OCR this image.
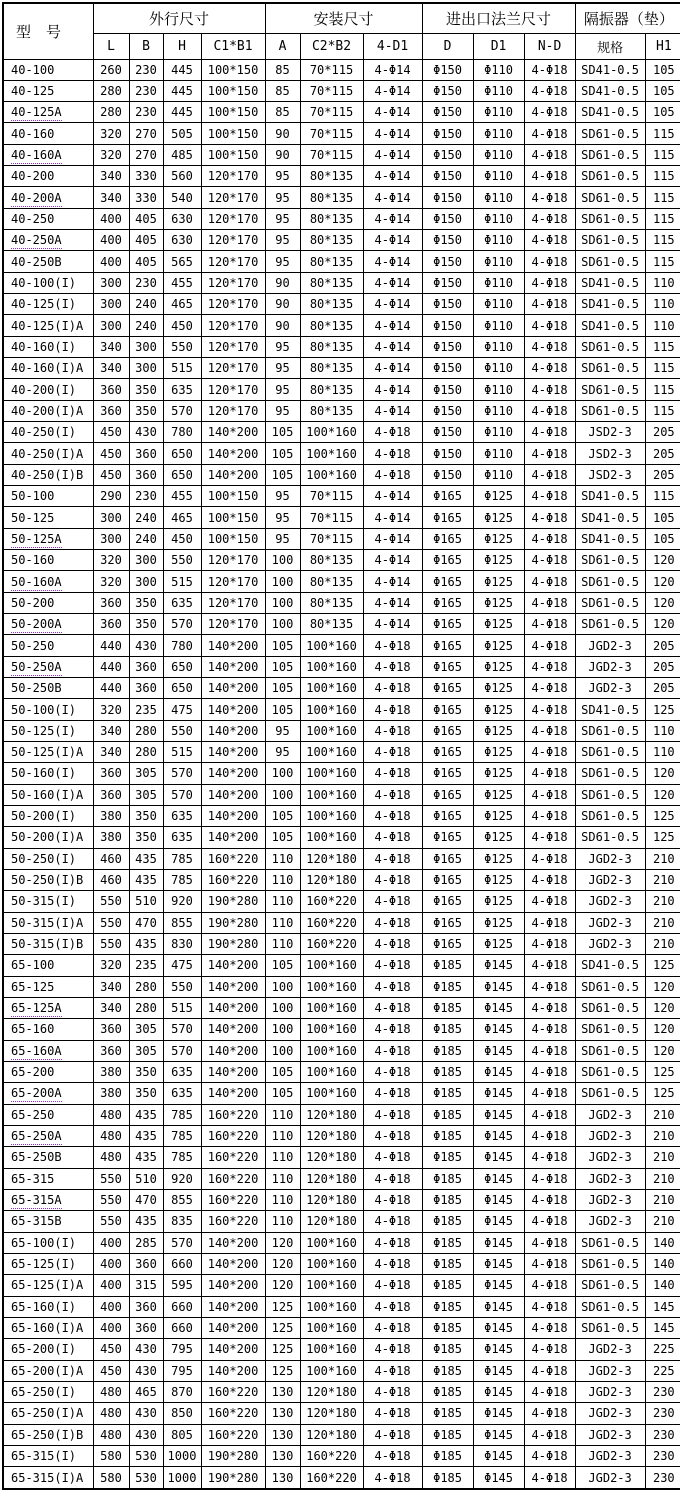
型　号	外行尺寸				安装尺寸			进出口法兰尺寸			隔振器（垫）	
	L	B	H	C1*B1	A	C2*B2	4-D1	D	D1	N-D	规格	H1
40-100	260	230	445	100*150	85	70*115	4-Φ14	Φ150	Φ110	4-Φ18	SD41-0.5	105
40-125	280	230	445	100*150	85	70*115	4-Φ14	Φ150	Φ110	4-Φ18	SD41-0.5	105
40-125A	280	230	445	100*150	85	70*115	4-Φ14	Φ150	Φ110	4-Φ18	SD41-0.5	105
40-160	320	270	505	100*150	90	70*115	4-Φ14	Φ150	Φ110	4-Φ18	SD61-0.5	115
40-160A	320	270	485	100*150	90	70*115	4-Φ14	Φ150	Φ110	4-Φ18	SD61-0.5	115
40-200	340	330	560	120*170	95	80*135	4-Φ14	Φ150	Φ110	4-Φ18	SD61-0.5	115
40-200A	340	330	540	120*170	95	80*135	4-Φ14	Φ150	Φ110	4-Φ18	SD61-0.5	115
40-250	400	405	630	120*170	95	80*135	4-Φ14	Φ150	Φ110	4-Φ18	SD61-0.5	115
40-250A	400	405	630	120*170	95	80*135	4-Φ14	Φ150	Φ110	4-Φ18	SD61-0.5	115
40-250B	400	405	565	120*170	95	80*135	4-Φ14	Φ150	Φ110	4-Φ18	SD61-0.5	115
40-100(I)	300	230	455	120*170	90	80*135	4-Φ14	Φ150	Φ110	4-Φ18	SD41-0.5	110
40-125(I)	300	240	465	120*170	90	80*135	4-Φ14	Φ150	Φ110	4-Φ18	SD41-0.5	110
40-125(I)A	300	240	450	120*170	90	80*135	4-Φ14	Φ150	Φ110	4-Φ18	SD41-0.5	110
40-160(I)	340	300	550	120*170	95	80*135	4-Φ14	Φ150	Φ110	4-Φ18	SD61-0.5	115
40-160(I)A	340	300	515	120*170	95	80*135	4-Φ14	Φ150	Φ110	4-Φ18	SD61-0.5	115
40-200(I)	360	350	635	120*170	95	80*135	4-Φ14	Φ150	Φ110	4-Φ18	SD61-0.5	115
40-200(I)A	360	350	570	120*170	95	80*135	4-Φ14	Φ150	Φ110	4-Φ18	SD61-0.5	115
40-250(I)	450	430	780	140*200	105	100*160	4-Φ18	Φ150	Φ110	4-Φ18	JSD2-3	205
40-250(I)A	450	360	650	140*200	105	100*160	4-Φ18	Φ150	Φ110	4-Φ18	JSD2-3	205
40-250(I)B	450	360	650	140*200	105	100*160	4-Φ18	Φ150	Φ110	4-Φ18	JSD2-3	205
50-100	290	230	455	100*150	95	70*115	4-Φ14	Φ165	Φ125	4-Φ18	SD41-0.5	115
50-125	300	240	465	100*150	95	70*115	4-Φ14	Φ165	Φ125	4-Φ18	SD41-0.5	105
50-125A	300	240	450	100*150	95	70*115	4-Φ14	Φ165	Φ125	4-Φ18	SD41-0.5	105
50-160	320	300	550	120*170	100	80*135	4-Φ14	Φ165	Φ125	4-Φ18	SD61-0.5	120
50-160A	320	300	515	120*170	100	80*135	4-Φ14	Φ165	Φ125	4-Φ18	SD61-0.5	120
50-200	360	350	635	120*170	100	80*135	4-Φ14	Φ165	Φ125	4-Φ18	SD61-0.5	120
50-200A	360	350	570	120*170	100	80*135	4-Φ14	Φ165	Φ125	4-Φ18	SD61-0.5	120
50-250	440	430	780	140*200	105	100*160	4-Φ18	Φ165	Φ125	4-Φ18	JGD2-3	205
50-250A	440	360	650	140*200	105	100*160	4-Φ18	Φ165	Φ125	4-Φ18	JGD2-3	205
50-250B	440	360	650	140*200	105	100*160	4-Φ18	Φ165	Φ125	4-Φ18	JGD2-3	205
50-100(I)	320	235	475	140*200	105	100*160	4-Φ18	Φ165	Φ125	4-Φ18	SD41-0.5	125
50-125(I)	340	280	550	140*200	95	100*160	4-Φ18	Φ165	Φ125	4-Φ18	SD61-0.5	110
50-125(I)A	340	280	515	140*200	95	100*160	4-Φ18	Φ165	Φ125	4-Φ18	SD61-0.5	110
50-160(I)	360	305	570	140*200	100	100*160	4-Φ18	Φ165	Φ125	4-Φ18	SD61-0.5	120
50-160(I)A	360	305	570	140*200	100	100*160	4-Φ18	Φ165	Φ125	4-Φ18	SD61-0.5	120
50-200(I)	380	350	635	140*200	105	100*160	4-Φ18	Φ165	Φ125	4-Φ18	SD61-0.5	125
50-200(I)A	380	350	635	140*200	105	100*160	4-Φ18	Φ165	Φ125	4-Φ18	SD61-0.5	125
50-250(I)	460	435	785	160*220	110	120*180	4-Φ18	Φ165	Φ125	4-Φ18	JGD2-3	210
50-250(I)B	460	435	785	160*220	110	120*180	4-Φ18	Φ165	Φ125	4-Φ18	JGD2-3	210
50-315(I)	550	510	920	190*280	110	160*220	4-Φ18	Φ165	Φ125	4-Φ18	JGD2-3	210
50-315(I)A	550	470	855	190*280	110	160*220	4-Φ18	Φ165	Φ125	4-Φ18	JGD2-3	210
50-315(I)B	550	435	830	190*280	110	160*220	4-Φ18	Φ165	Φ125	4-Φ18	JGD2-3	210
65-100	320	235	475	140*200	105	100*160	4-Φ18	Φ185	Φ145	4-Φ18	SD41-0.5	125
65-125	340	280	550	140*200	100	100*160	4-Φ18	Φ185	Φ145	4-Φ18	SD61-0.5	120
65-125A	340	280	515	140*200	100	100*160	4-Φ18	Φ185	Φ145	4-Φ18	SD61-0.5	120
65-160	360	305	570	140*200	100	100*160	4-Φ18	Φ185	Φ145	4-Φ18	SD61-0.5	120
65-160A	360	305	570	140*200	100	100*160	4-Φ18	Φ185	Φ145	4-Φ18	SD61-0.5	120
65-200	380	350	635	140*200	105	100*160	4-Φ18	Φ185	Φ145	4-Φ18	SD61-0.5	125
65-200A	380	350	635	140*200	105	100*160	4-Φ18	Φ185	Φ145	4-Φ18	SD61-0.5	125
65-250	480	435	785	160*220	110	120*180	4-Φ18	Φ185	Φ145	4-Φ18	JGD2-3	210
65-250A	480	435	785	160*220	110	120*180	4-Φ18	Φ185	Φ145	4-Φ18	JGD2-3	210
65-250B	480	435	785	160*220	110	120*180	4-Φ18	Φ185	Φ145	4-Φ18	JGD2-3	210
65-315	550	510	920	160*220	110	120*180	4-Φ18	Φ185	Φ145	4-Φ18	JGD2-3	210
65-315A	550	470	855	160*220	110	120*180	4-Φ18	Φ185	Φ145	4-Φ18	JGD2-3	210
65-315B	550	435	835	160*220	110	120*180	4-Φ18	Φ185	Φ145	4-Φ18	JGD2-3	210
65-100(I)	400	285	570	140*200	120	100*160	4-Φ18	Φ185	Φ145	4-Φ18	SD61-0.5	140
65-125(I)	400	360	660	140*200	120	100*160	4-Φ18	Φ185	Φ145	4-Φ18	SD61-0.5	140
65-125(I)A	400	315	595	140*200	120	100*160	4-Φ18	Φ185	Φ145	4-Φ18	SD61-0.5	140
65-160(I)	400	360	660	140*200	125	100*160	4-Φ18	Φ185	Φ145	4-Φ18	SD61-0.5	145
65-160(I)A	400	360	660	140*200	125	100*160	4-Φ18	Φ185	Φ145	4-Φ18	SD61-0.5	145
65-200(I)	450	430	795	140*200	125	100*160	4-Φ18	Φ185	Φ145	4-Φ18	JGD2-3	225
65-200(I)A	450	430	795	140*200	125	100*160	4-Φ18	Φ185	Φ145	4-Φ18	JGD2-3	225
65-250(I)	480	465	870	160*220	130	120*180	4-Φ18	Φ185	Φ145	4-Φ18	JGD2-3	230
65-250(I)A	480	430	850	160*220	130	120*180	4-Φ18	Φ185	Φ145	4-Φ18	JGD2-3	230
65-250(I)B	480	430	805	160*220	130	120*180	4-Φ18	Φ185	Φ145	4-Φ18	JGD2-3	230
65-315(I)	580	530	1000	190*280	130	160*220	4-Φ18	Φ185	Φ145	4-Φ18	JGD2-3	230
65-315(I)A	580	530	1000	190*280	130	160*220	4-Φ18	Φ185	Φ145	4-Φ18	JGD2-3	230
